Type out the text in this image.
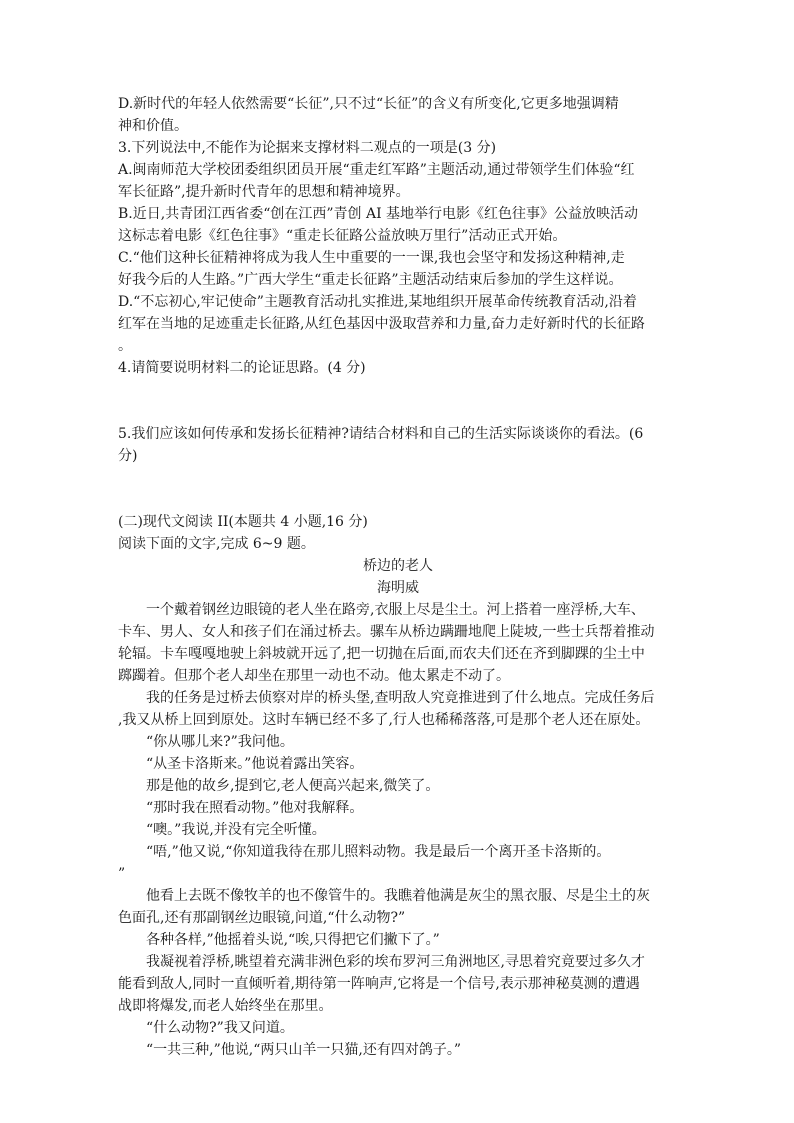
D.新时代的年轻人依然需要“长征”,只不过“长征”的含义有所变化,它更多地强调精
神和价值。
3.下列说法中,不能作为论据来支撑材料二观点的一项是(3 分)
A.闽南师范大学校团委组织团员开展“重走红军路”主题活动,通过带领学生们体验“红
军长征路”,提升新时代青年的思想和精神境界。
B.近日,共青团江西省委“创在江西”青创 AI 基地举行电影《红色往事》公益放映活动
这标志着电影《红色往事》“重走长征路公益放映万里行”活动正式开始。
C.“他们这种长征精神将成为我人生中重要的一一课,我也会坚守和发扬这种精神,走
好我今后的人生路。”广西大学生“重走长征路”主题活动结束后参加的学生这样说。
D.“不忘初心,牢记使命”主题教育活动扎实推进,某地组织开展革命传统教育活动,沿着
红军在当地的足迹重走长征路,从红色基因中汲取营养和力量,奋力走好新时代的长征路
。
4.请简要说明材料二的论证思路。(4 分)
5.我们应该如何传承和发扬长征精神?请结合材料和自己的生活实际谈谈你的看法。(6
分)
(二)现代文阅读 II(本题共 4 小题,16 分)
阅读下面的文字,完成 6~9 题。
桥边的老人
海明威
一个戴着钢丝边眼镜的老人坐在路旁,衣服上尽是尘土。河上搭着一座浮桥,大车、
卡车、男人、女人和孩子们在涌过桥去。骡车从桥边蹒跚地爬上陡坡,一些士兵帮着推动
轮辐。卡车嘎嘎地驶上斜坡就开远了,把一切抛在后面,而农夫们还在齐到脚踝的尘土中
踯躅着。但那个老人却坐在那里一动也不动。他太累走不动了。
我的任务是过桥去侦察对岸的桥头堡,查明敌人究竟推进到了什么地点。完成任务后
,我又从桥上回到原处。这时车辆已经不多了,行人也稀稀落落,可是那个老人还在原处。
“你从哪儿来?”我问他。
“从圣卡洛斯来。”他说着露出笑容。
那是他的故乡,提到它,老人便高兴起来,微笑了。
“那时我在照看动物。”他对我解释。
“噢。”我说,并没有完全听懂。
“唔,”他又说,“你知道我待在那儿照料动物。我是最后一个离开圣卡洛斯的。
”
他看上去既不像牧羊的也不像管牛的。我瞧着他满是灰尘的黑衣服、尽是尘土的灰
色面孔,还有那副钢丝边眼镜,问道,“什么动物?”
各种各样,”他摇着头说,“唉,只得把它们撇下了。”
我凝视着浮桥,眺望着充满非洲色彩的埃布罗河三角洲地区,寻思着究竟要过多久才
能看到敌人,同时一直倾听着,期待第一阵响声,它将是一个信号,表示那神秘莫测的遭遇
战即将爆发,而老人始终坐在那里。
“什么动物?”我又问道。
“一共三种,”他说,“两只山羊一只猫,还有四对鸽子。”
